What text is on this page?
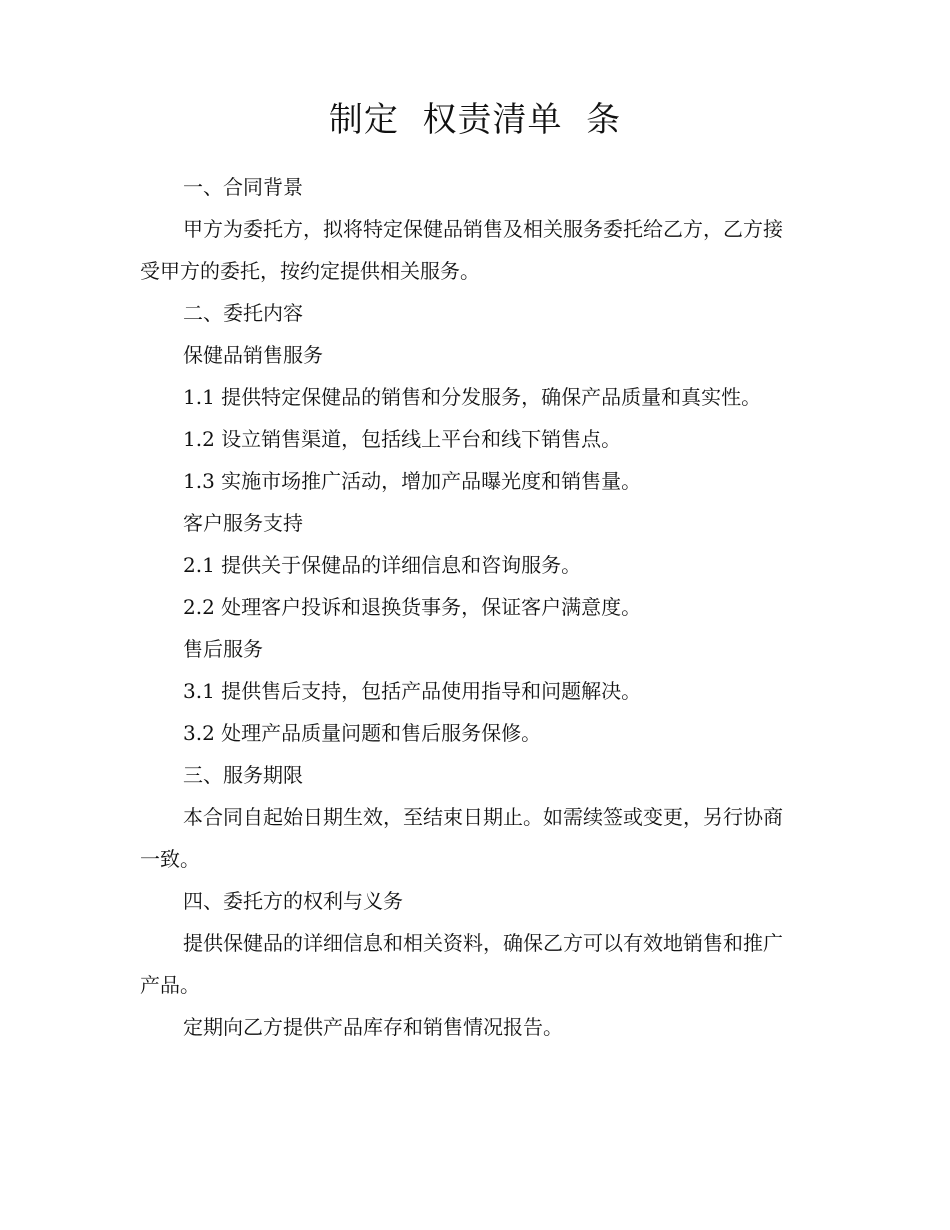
制定  权责清单  条

一、合同背景

甲方为委托方，拟将特定保健品销售及相关服务委托给乙方，乙方接受甲方的委托，按约定提供相关服务。

二、委托内容

保健品销售服务

1.1 提供特定保健品的销售和分发服务，确保产品质量和真实性。

1.2 设立销售渠道，包括线上平台和线下销售点。

1.3 实施市场推广活动，增加产品曝光度和销售量。

客户服务支持

2.1 提供关于保健品的详细信息和咨询服务。

2.2 处理客户投诉和退换货事务，保证客户满意度。

售后服务

3.1 提供售后支持，包括产品使用指导和问题解决。

3.2 处理产品质量问题和售后服务保修。

三、服务期限

本合同自起始日期生效，至结束日期止。如需续签或变更，另行协商一致。

四、委托方的权利与义务

提供保健品的详细信息和相关资料，确保乙方可以有效地销售和推广产品。

定期向乙方提供产品库存和销售情况报告。
